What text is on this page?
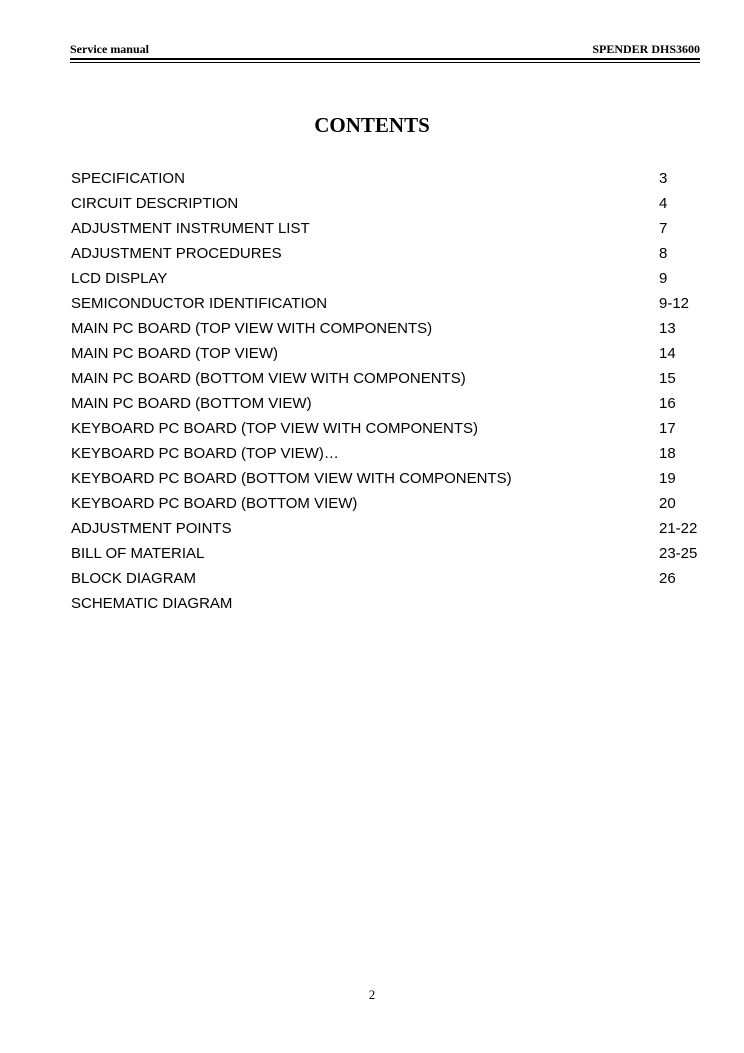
Service manual	SPENDER DHS3600
CONTENTS
SPECIFICATION	3
CIRCUIT DESCRIPTION	4
ADJUSTMENT INSTRUMENT LIST	7
ADJUSTMENT PROCEDURES	8
LCD DISPLAY	9
SEMICONDUCTOR IDENTIFICATION	9-12
MAIN PC BOARD (TOP VIEW WITH COMPONENTS)	13
MAIN PC BOARD (TOP VIEW)	14
MAIN PC BOARD (BOTTOM VIEW WITH COMPONENTS)	15
MAIN PC BOARD (BOTTOM VIEW)	16
KEYBOARD PC BOARD (TOP VIEW WITH COMPONENTS)	17
KEYBOARD PC BOARD (TOP VIEW)…	18
KEYBOARD PC BOARD (BOTTOM VIEW WITH COMPONENTS)	19
KEYBOARD PC BOARD (BOTTOM VIEW)	20
ADJUSTMENT POINTS	21-22
BILL OF MATERIAL	23-25
BLOCK DIAGRAM	26
SCHEMATIC DIAGRAM
2
